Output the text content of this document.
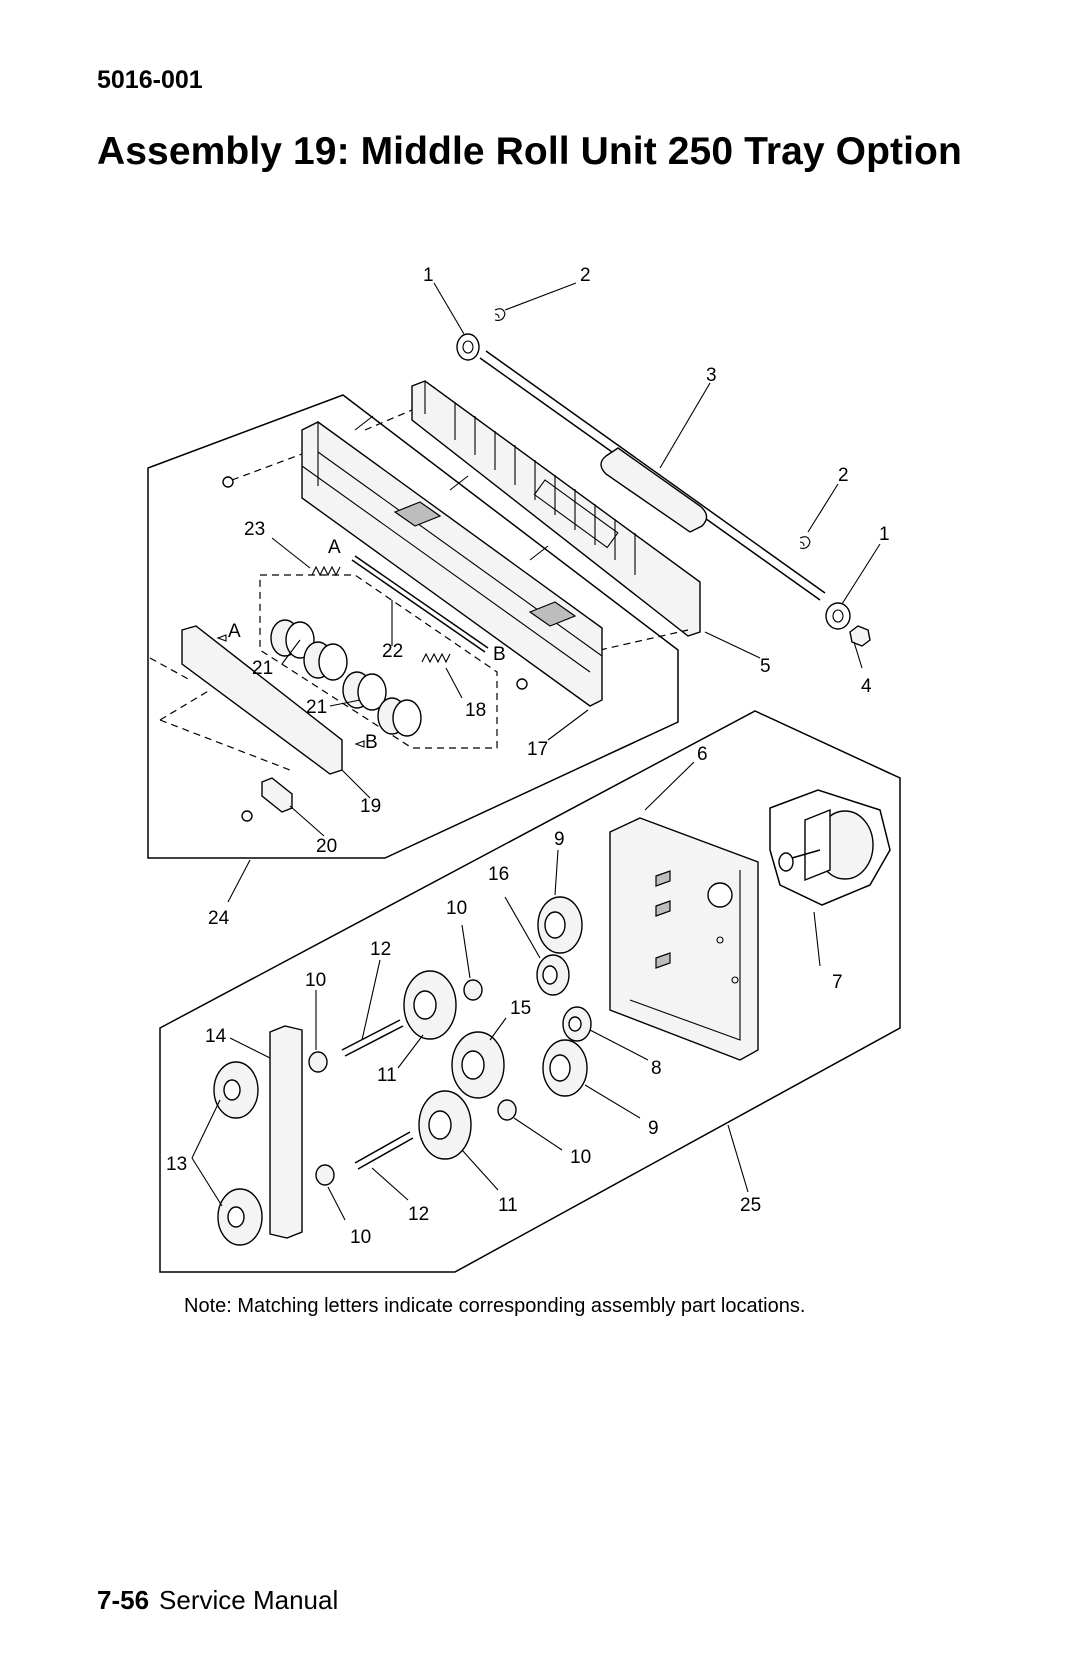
5016-001
Assembly 19: Middle Roll Unit 250 Tray Option
1	2
3
2
1
4
5
23
A
22	B
18
17
A
21
21
B
19
20
24
6
9
16
10
12
10
15
7
14
11	8
9
13	10
11
12	25
10
Note: Matching letters indicate corresponding assembly part locations.
7-56 Service Manual
